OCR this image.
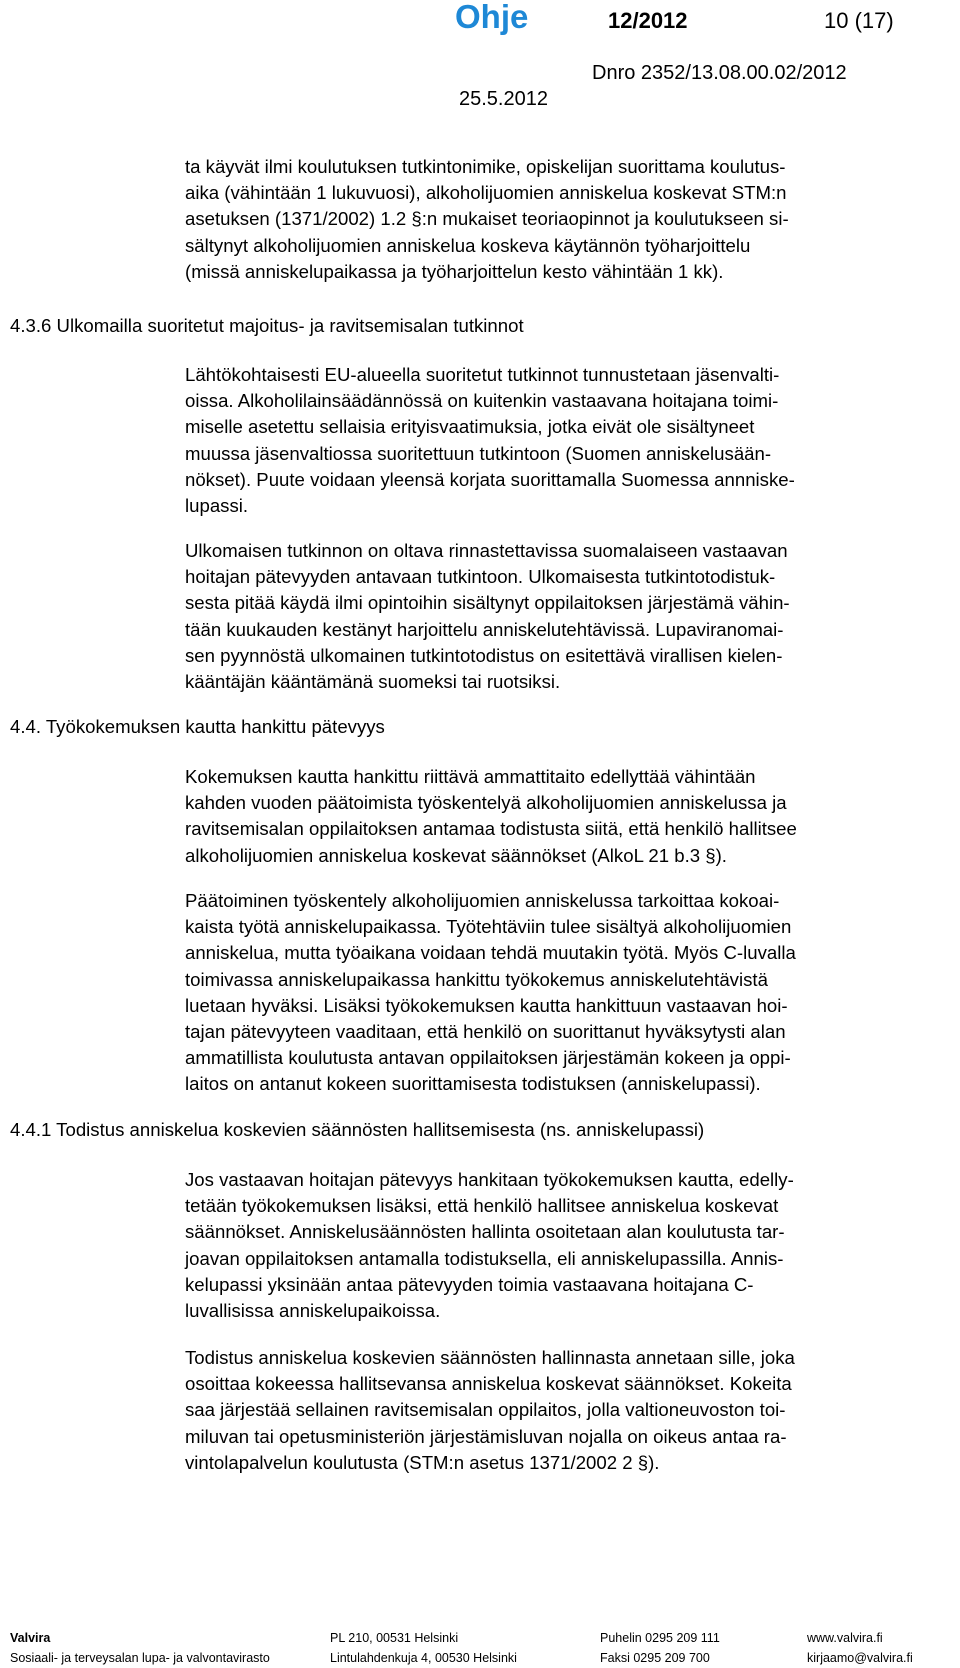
Ohje	12/2012	10 (17)
Dnro 2352/13.08.00.02/2012
25.5.2012
ta käyvät ilmi koulutuksen tutkintonimike, opiskelijan suorittama koulutus-
aika (vähintään 1 lukuvuosi), alkoholijuomien anniskelua koskevat STM:n
asetuksen (1371/2002) 1.2 §:n mukaiset teoriaopinnot ja koulutukseen si-
sältynyt alkoholijuomien anniskelua koskeva käytännön työharjoittelu
(missä anniskelupaikassa ja työharjoittelun kesto vähintään 1 kk).
4.3.6 Ulkomailla suoritetut majoitus- ja ravitsemisalan tutkinnot
Lähtökohtaisesti EU-alueella suoritetut tutkinnot tunnustetaan jäsenvalti-
oissa. Alkoholilainsäädännössä on kuitenkin vastaavana hoitajana toimi-
miselle asetettu sellaisia erityisvaatimuksia, jotka eivät ole sisältyneet
muussa jäsenvaltiossa suoritettuun tutkintoon (Suomen anniskelusään-
nökset). Puute voidaan yleensä korjata suorittamalla Suomessa annniske-
lupassi.
Ulkomaisen tutkinnon on oltava rinnastettavissa suomalaiseen vastaavan
hoitajan pätevyyden antavaan tutkintoon. Ulkomaisesta tutkintotodistuk-
sesta pitää käydä ilmi opintoihin sisältynyt oppilaitoksen järjestämä vähin-
tään kuukauden kestänyt harjoittelu anniskelutehtävissä. Lupaviranomai-
sen pyynnöstä ulkomainen tutkintotodistus on esitettävä virallisen kielen-
kääntäjän kääntämänä suomeksi tai ruotsiksi.
4.4. Työkokemuksen kautta hankittu pätevyys
Kokemuksen kautta hankittu riittävä ammattitaito edellyttää vähintään
kahden vuoden päätoimista työskentelyä alkoholijuomien anniskelussa ja
ravitsemisalan oppilaitoksen antamaa todistusta siitä, että henkilö hallitsee
alkoholijuomien anniskelua koskevat säännökset (AlkoL 21 b.3 §).
Päätoiminen työskentely alkoholijuomien anniskelussa tarkoittaa kokoai-
kaista työtä anniskelupaikassa. Työtehtäviin tulee sisältyä alkoholijuomien
anniskelua, mutta työaikana voidaan tehdä muutakin työtä. Myös C-luvalla
toimivassa anniskelupaikassa hankittu työkokemus anniskelutehtävistä
luetaan hyväksi. Lisäksi työkokemuksen kautta hankittuun vastaavan hoi-
tajan pätevyyteen vaaditaan, että henkilö on suorittanut hyväksytysti alan
ammatillista koulutusta antavan oppilaitoksen järjestämän kokeen ja oppi-
laitos on antanut kokeen suorittamisesta todistuksen (anniskelupassi).
4.4.1 Todistus anniskelua koskevien säännösten hallitsemisesta (ns. anniskelupassi)
Jos vastaavan hoitajan pätevyys hankitaan työkokemuksen kautta, edelly-
tetään työkokemuksen lisäksi, että henkilö hallitsee anniskelua koskevat
säännökset. Anniskelusäännösten hallinta osoitetaan alan koulutusta tar-
joavan oppilaitoksen antamalla todistuksella, eli anniskelupassilla. Annis-
kelupassi yksinään antaa pätevyyden toimia vastaavana hoitajana C-
luvallisissa anniskelupaikoissa.
Todistus anniskelua koskevien säännösten hallinnasta annetaan sille, joka
osoittaa kokeessa hallitsevansa anniskelua koskevat säännökset. Kokeita
saa järjestää sellainen ravitsemisalan oppilaitos, jolla valtioneuvoston toi-
miluvan tai opetusministeriön järjestämisluvan nojalla on oikeus antaa ra-
vintolapalvelun koulutusta (STM:n asetus 1371/2002 2 §).
Valvira
Sosiaali- ja terveysalan lupa- ja valvontavirasto
PL 210, 00531 Helsinki
Lintulahdenkuja 4, 00530 Helsinki
Puhelin 0295 209 111
Faksi 0295 209 700
www.valvira.fi
kirjaamo@valvira.fi
